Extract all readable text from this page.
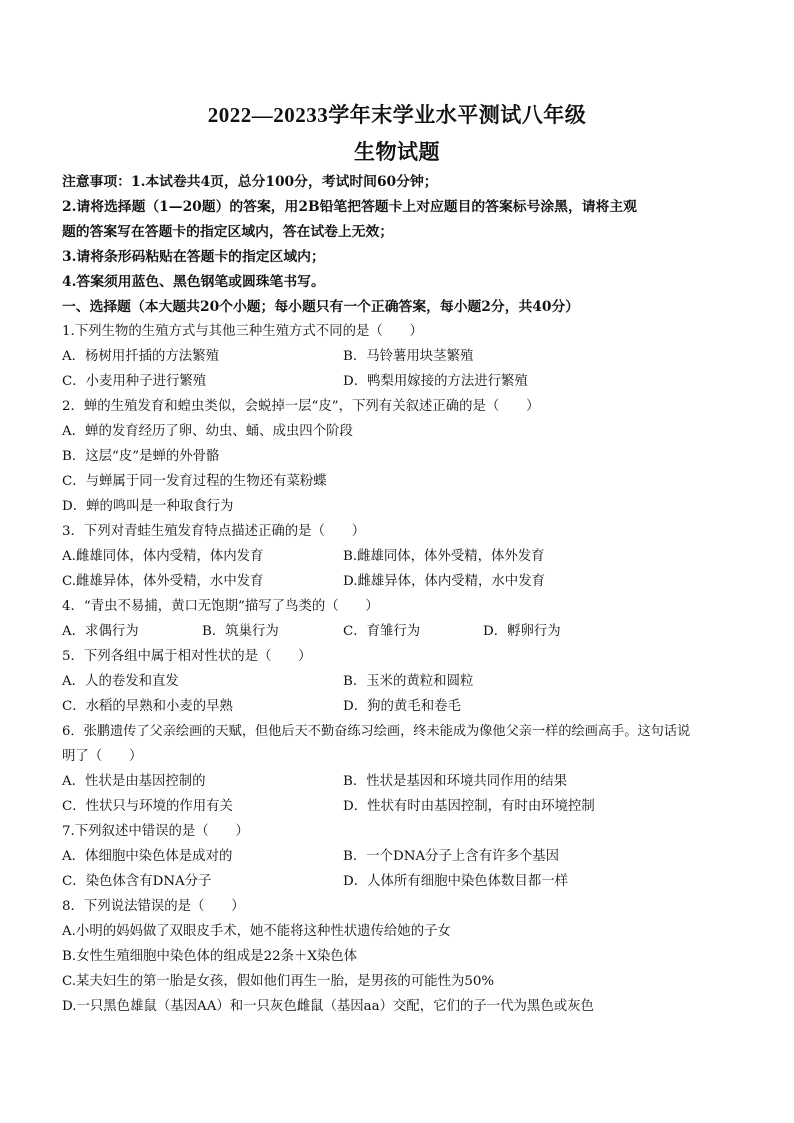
2022—20233学年末学业水平测试八年级
生物试题
注意事项：1.本试卷共4页，总分100分，考试时间60分钟；
2.请将选择题（1—20题）的答案，用2B铅笔把答题卡上对应题目的答案标号涂黑，请将主观
题的答案写在答题卡的指定区域内，答在试卷上无效；
3.请将条形码粘贴在答题卡的指定区域内；
4.答案须用蓝色、黑色钢笔或圆珠笔书写。
一、选择题（本大题共20个小题；每小题只有一个正确答案，每小题2分，共40分）
1.下列生物的生殖方式与其他三种生殖方式不同的是（　　）
A．杨树用扦插的方法繁殖	B．马铃薯用块茎繁殖
C．小麦用种子进行繁殖	D．鸭梨用嫁接的方法进行繁殖
2．蝉的生殖发育和蝗虫类似，会蜕掉一层“皮”，下列有关叙述正确的是（　　）
A．蝉的发育经历了卵、幼虫、蛹、成虫四个阶段
B．这层“皮”是蝉的外骨骼
C．与蝉属于同一发育过程的生物还有菜粉蝶
D．蝉的鸣叫是一种取食行为
3．下列对青蛙生殖发育特点描述正确的是（　　）
A.雌雄同体，体内受精，体内发育	B.雌雄同体，体外受精，体外发育
C.雌雄异体，体外受精，水中发育	D.雌雄异体，体内受精，水中发育
4．“青虫不易捕，黄口无饱期”描写了鸟类的（　　）
A．求偶行为	B．筑巢行为	C．育雏行为	D．孵卵行为
5．下列各组中属于相对性状的是（　　）
A．人的卷发和直发	B．玉米的黄粒和圆粒
C．水稻的早熟和小麦的早熟	D．狗的黄毛和卷毛
6．张鹏遗传了父亲绘画的天赋，但他后天不勤奋练习绘画，终未能成为像他父亲一样的绘画高手。这句话说
明了（　　）
A．性状是由基因控制的	B．性状是基因和环境共同作用的结果
C．性状只与环境的作用有关	D．性状有时由基因控制，有时由环境控制
7.下列叙述中错误的是（　　）
A．体细胞中染色体是成对的	B．一个DNA分子上含有许多个基因
C．染色体含有DNA分子	D．人体所有细胞中染色体数目都一样
8．下列说法错误的是（　　）
A.小明的妈妈做了双眼皮手术，她不能将这种性状遗传给她的子女
B.女性生殖细胞中染色体的组成是22条＋X染色体
C.某夫妇生的第一胎是女孩，假如他们再生一胎，是男孩的可能性为50%
D.一只黑色雄鼠（基因AA）和一只灰色雌鼠（基因aa）交配，它们的子一代为黑色或灰色
